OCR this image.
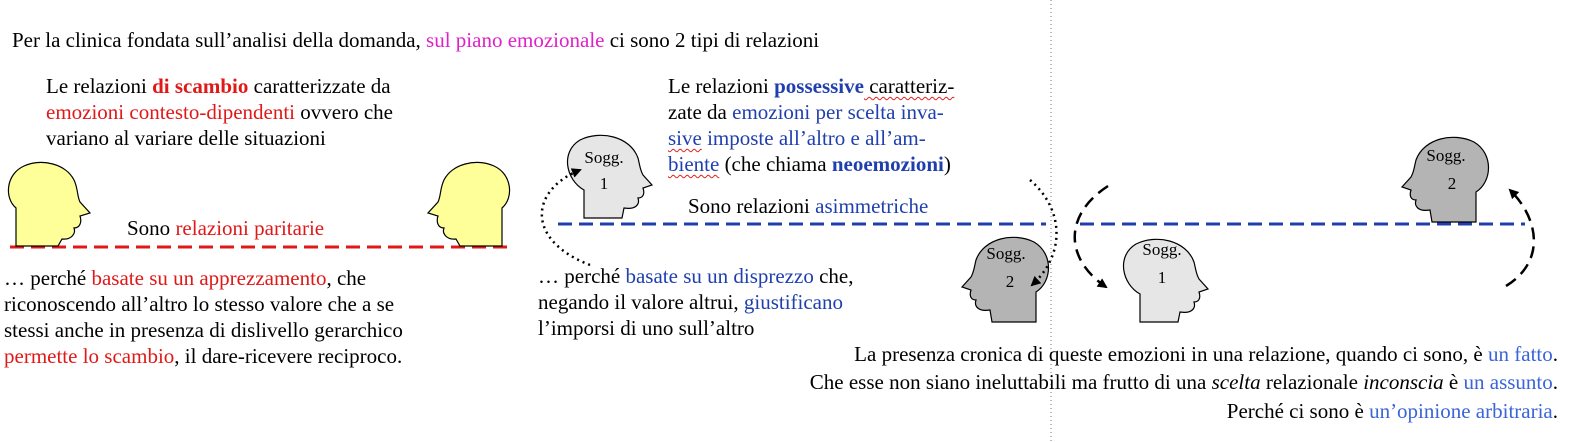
Sogg.
1
Sogg.
2
Sogg.
2
Sogg.
1
Per la clinica fondata sull’analisi della domanda, sul piano emozionale ci sono 2 tipi di relazioni
Le relazioni di scambio caratterizzate da
emozioni contesto-dipendenti ovvero che
variano al variare delle situazioni
Sono relazioni paritarie
… perché basate su un apprezzamento, che
riconoscendo all’altro lo stesso valore che a se
stessi anche in presenza di dislivello gerarchico
permette lo scambio, il dare-ricevere reciproco.
Le relazioni possessive caratteriz-
zate da emozioni per scelta inva-
sive imposte all’altro e all’am-
biente (che chiama neoemozioni)
Sono relazioni asimmetriche
… perché basate su un disprezzo che,
negando il valore altrui, giustificano
l’imporsi di uno sull’altro
La presenza cronica di queste emozioni in una relazione, quando ci sono, è un fatto.
Che esse non siano ineluttabili ma frutto di una scelta relazionale inconscia è un assunto.
Perché ci sono è un’opinione arbitraria.
